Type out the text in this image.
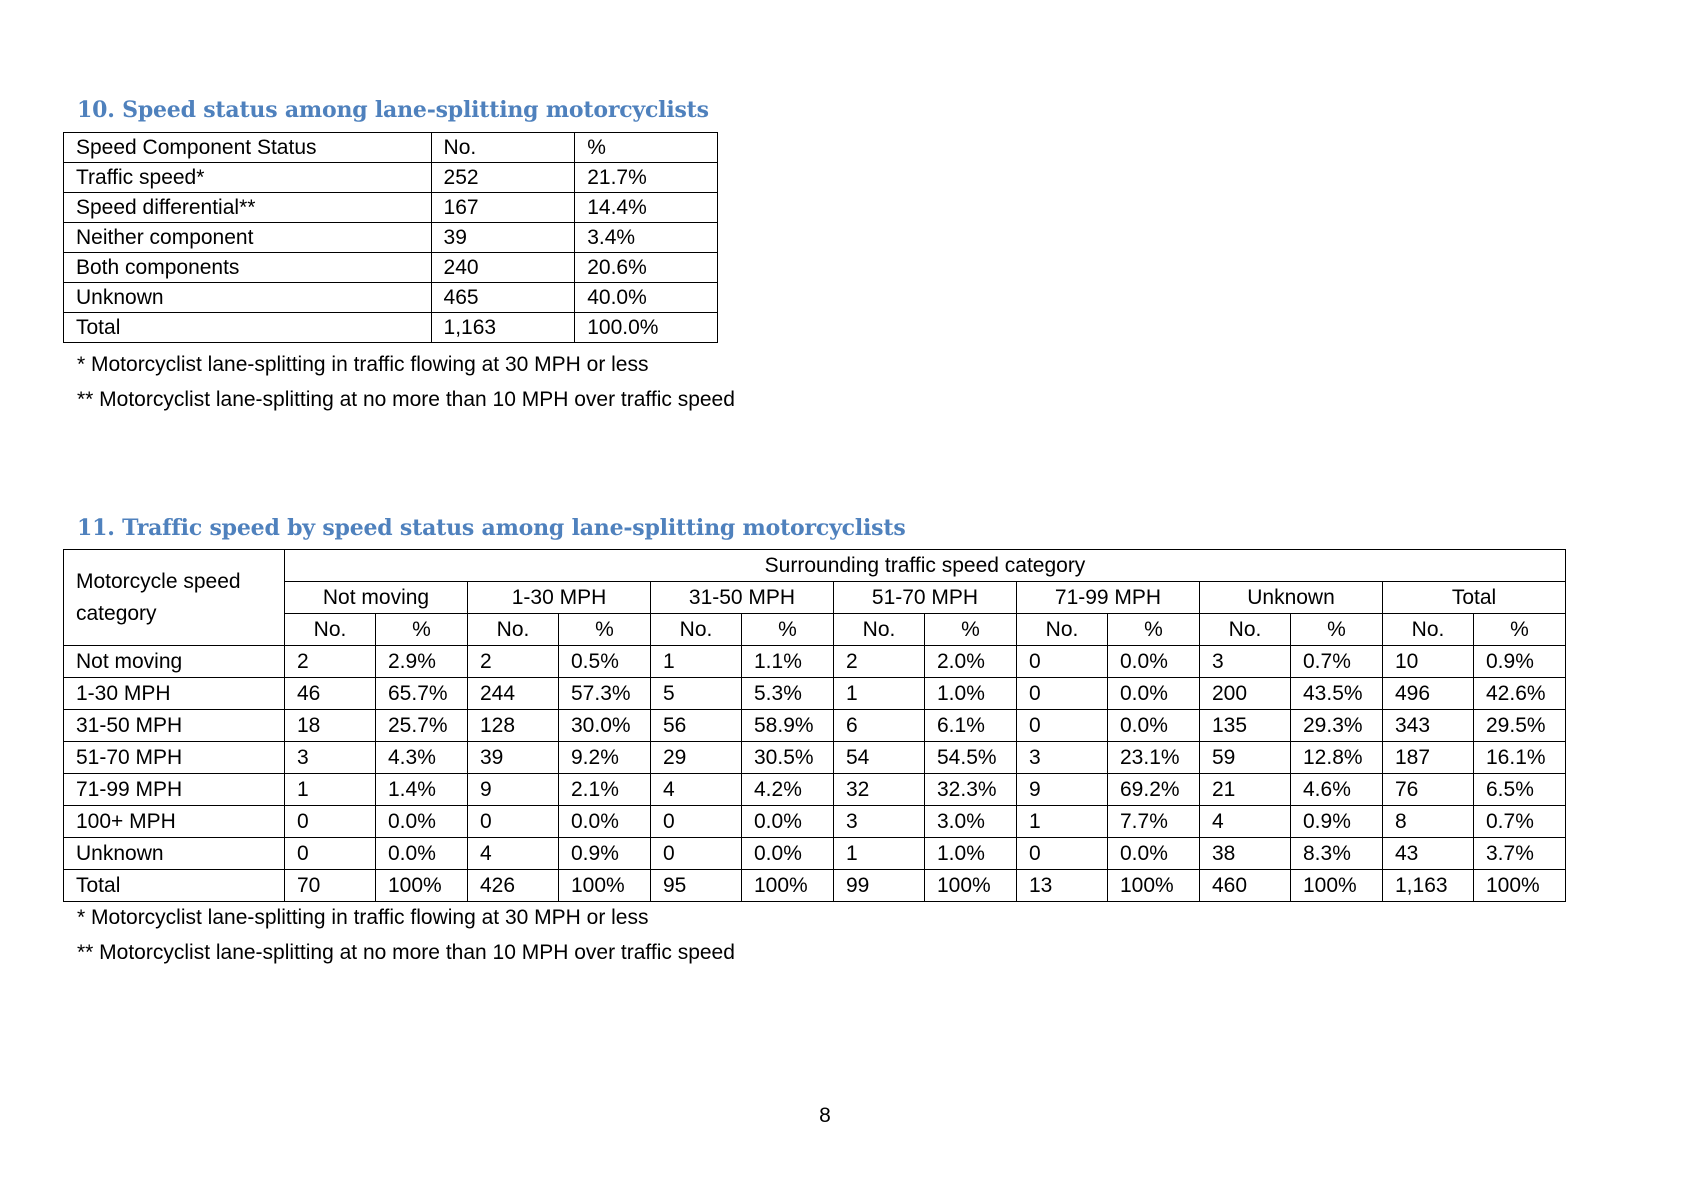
10. Speed status among lane-splitting motorcyclists
Speed Component Status	No.	%
Traffic speed*	252	21.7%
Speed differential**	167	14.4%
Neither component	39	3.4%
Both components	240	20.6%
Unknown	465	40.0%
Total	1,163	100.0%

* Motorcyclist lane-splitting in traffic flowing at 30 MPH or less

** Motorcyclist lane-splitting at no more than 10 MPH over traffic speed

11. Traffic speed by speed status among lane-splitting motorcyclists
Motorcycle speed category	Surrounding traffic speed category													
	Not moving		1-30 MPH		31-50 MPH		51-70 MPH		71-99 MPH		Unknown		Total	
	No.	%	No.	%	No.	%	No.	%	No.	%	No.	%	No.	%
Not moving	2	2.9%	2	0.5%	1	1.1%	2	2.0%	0	0.0%	3	0.7%	10	0.9%
1-30 MPH	46	65.7%	244	57.3%	5	5.3%	1	1.0%	0	0.0%	200	43.5%	496	42.6%
31-50 MPH	18	25.7%	128	30.0%	56	58.9%	6	6.1%	0	0.0%	135	29.3%	343	29.5%
51-70 MPH	3	4.3%	39	9.2%	29	30.5%	54	54.5%	3	23.1%	59	12.8%	187	16.1%
71-99 MPH	1	1.4%	9	2.1%	4	4.2%	32	32.3%	9	69.2%	21	4.6%	76	6.5%
100+ MPH	0	0.0%	0	0.0%	0	0.0%	3	3.0%	1	7.7%	4	0.9%	8	0.7%
Unknown	0	0.0%	4	0.9%	0	0.0%	1	1.0%	0	0.0%	38	8.3%	43	3.7%
Total	70	100%	426	100%	95	100%	99	100%	13	100%	460	100%	1,163	100%

* Motorcyclist lane-splitting in traffic flowing at 30 MPH or less

** Motorcyclist lane-splitting at no more than 10 MPH over traffic speed

8
